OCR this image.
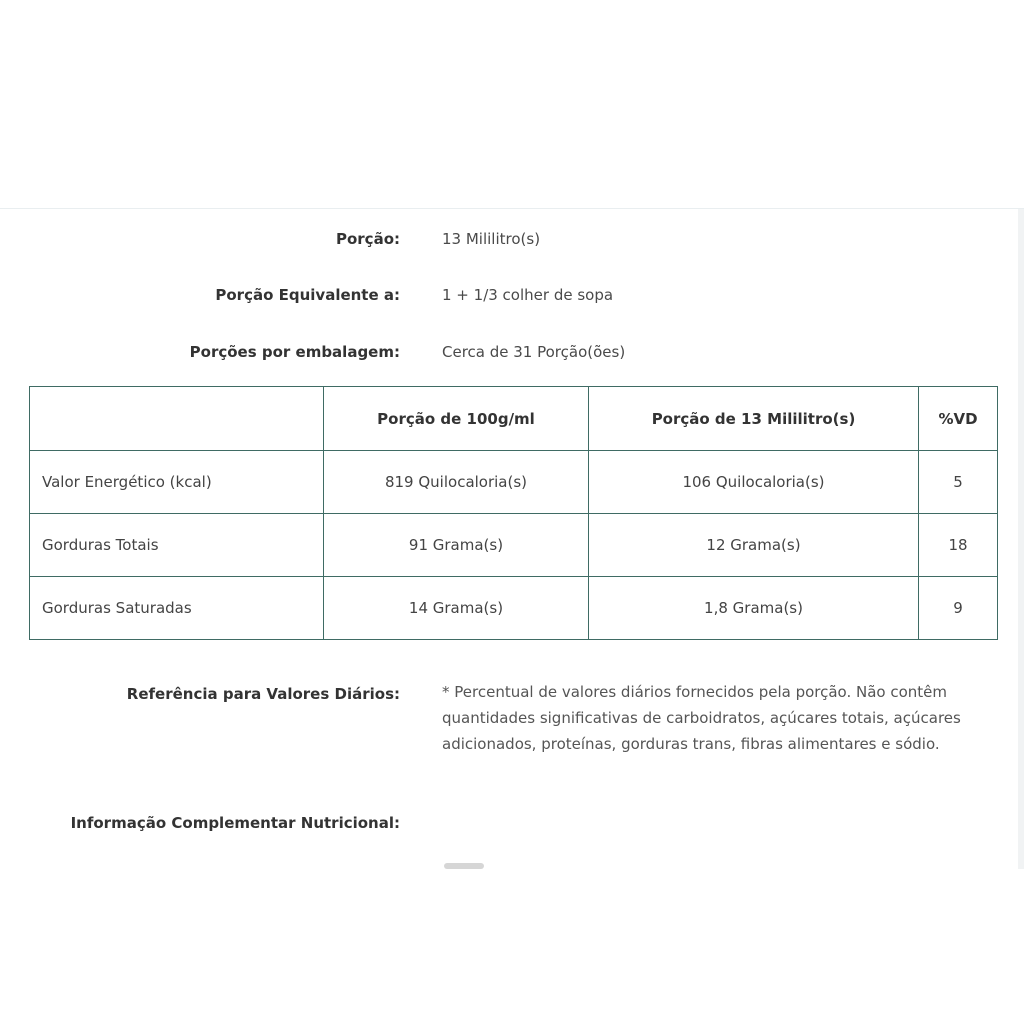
Porção:	13 Mililitro(s)
Porção Equivalente a:	1 + 1/3 colher de sopa
Porções por embalagem:	Cerca de 31 Porção(ões)
	Porção de 100g/ml	Porção de 13 Mililitro(s)	%VD
Valor Energético (kcal)	819 Quilocaloria(s)	106 Quilocaloria(s)	5
Gorduras Totais	91 Grama(s)	12 Grama(s)	18
Gorduras Saturadas	14 Grama(s)	1,8 Grama(s)	9
Referência para Valores Diários:	* Percentual de valores diários fornecidos pela porção. Não contêm quantidades significativas de carboidratos, açúcares totais, açúcares adicionados, proteínas, gorduras trans, fibras alimentares e sódio.
Informação Complementar Nutricional:
